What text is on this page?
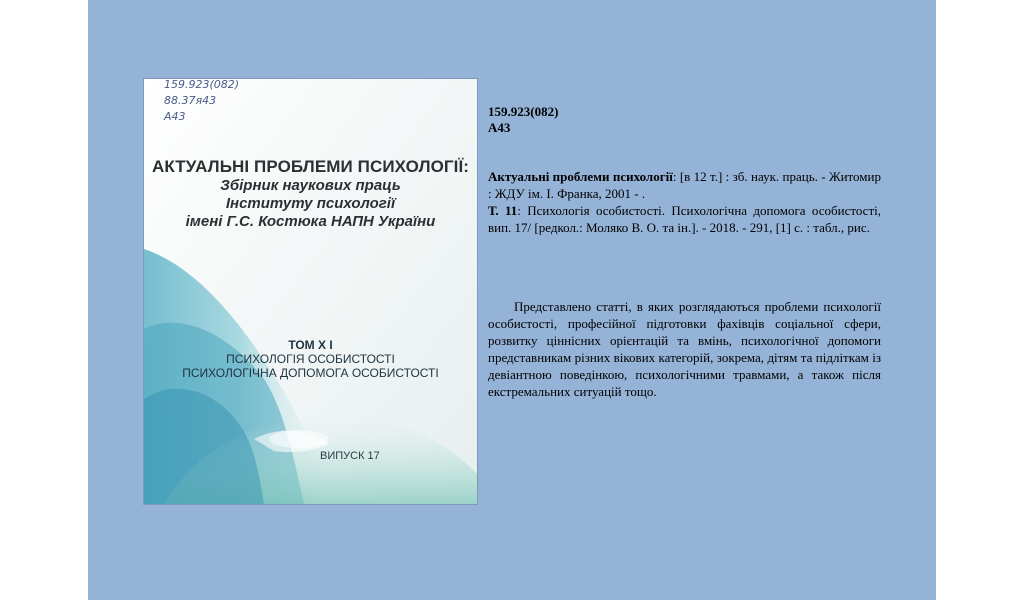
159.923(082)
88.37я43
А43
АКТУАЛЬНІ ПРОБЛЕМИ ПСИХОЛОГІЇ:
Збірник наукових праць
Інституту психології
імені Г.С. Костюка НАПН України
ТОМ X I
ПСИХОЛОГІЯ ОСОБИСТОСТІ
ПСИХОЛОГІЧНА ДОПОМОГА ОСОБИСТОСТІ
ВИПУСК 17
159.923(082)
А43

Актуальні проблеми психології: [в 12 т.] : зб. наук. праць. - Житомир : ЖДУ ім. І. Франка, 2001 - .

Т. 11: Психологія особистості. Психологічна допомога особистості, вип. 17/ [редкол.: Моляко В. О. та ін.]. - 2018. - 291, [1] с. : табл., рис.

Представлено статті, в яких розглядаються проблеми психології особистості, професійної підготовки фахівців соціальної сфери, розвитку ціннісних орієнтацій та вмінь, психологічної допомоги представникам різних вікових категорій, зокрема, дітям та підліткам із девіантною поведінкою, психологічними травмами, а також після екстремальних ситуацій тощо.
